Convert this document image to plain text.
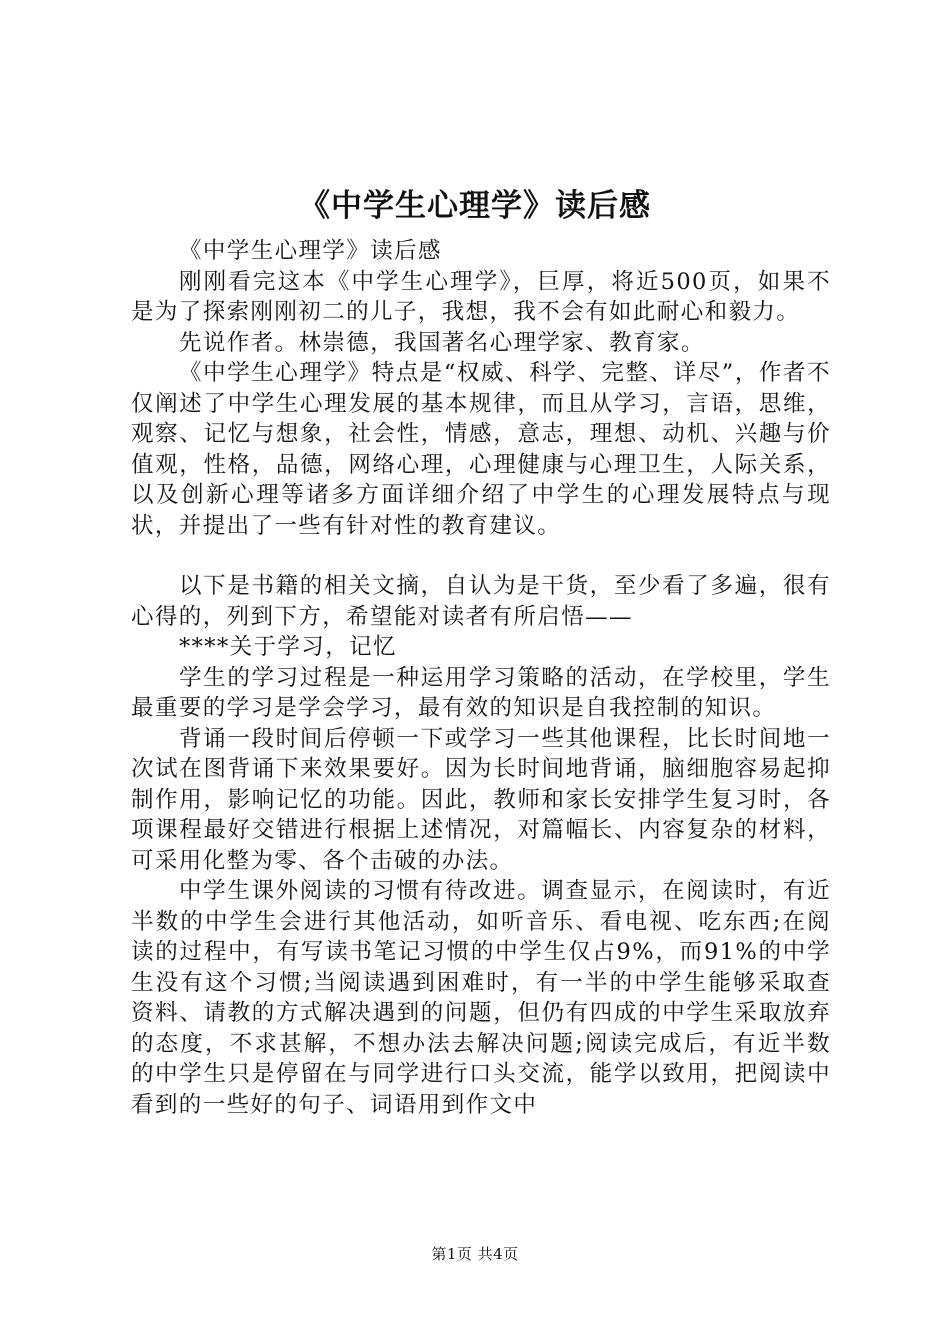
《中学生心理学》读后感

《中学生心理学》读后感

刚刚看完这本《中学生心理学》，巨厚，将近500页，如果不是为了探索刚刚初二的儿子，我想，我不会有如此耐心和毅力。

先说作者。林崇德，我国著名心理学家、教育家。

《中学生心理学》特点是“权威、科学、完整、详尽”，作者不仅阐述了中学生心理发展的基本规律，而且从学习，言语，思维，观察、记忆与想象，社会性，情感，意志，理想、动机、兴趣与价值观，性格，品德，网络心理，心理健康与心理卫生，人际关系，以及创新心理等诸多方面详细介绍了中学生的心理发展特点与现状，并提出了一些有针对性的教育建议。

以下是书籍的相关文摘，自认为是干货，至少看了多遍，很有心得的，列到下方，希望能对读者有所启悟——

****关于学习，记忆

学生的学习过程是一种运用学习策略的活动，在学校里，学生最重要的学习是学会学习，最有效的知识是自我控制的知识。

背诵一段时间后停顿一下或学习一些其他课程，比长时间地一次试在图背诵下来效果要好。因为长时间地背诵，脑细胞容易起抑制作用，影响记忆的功能。因此，教师和家长安排学生复习时，各项课程最好交错进行根据上述情况，对篇幅长、内容复杂的材料，可采用化整为零、各个击破的办法。

中学生课外阅读的习惯有待改进。调查显示，在阅读时，有近半数的中学生会进行其他活动，如听音乐、看电视、吃东西;在阅读的过程中，有写读书笔记习惯的中学生仅占9%，而91%的中学生没有这个习惯;当阅读遇到困难时，有一半的中学生能够采取查资料、请教的方式解决遇到的问题，但仍有四成的中学生采取放弃的态度，不求甚解，不想办法去解决问题;阅读完成后，有近半数的中学生只是停留在与同学进行口头交流，能学以致用，把阅读中看到的一些好的句子、词语用到作文中

第1页 共4页
